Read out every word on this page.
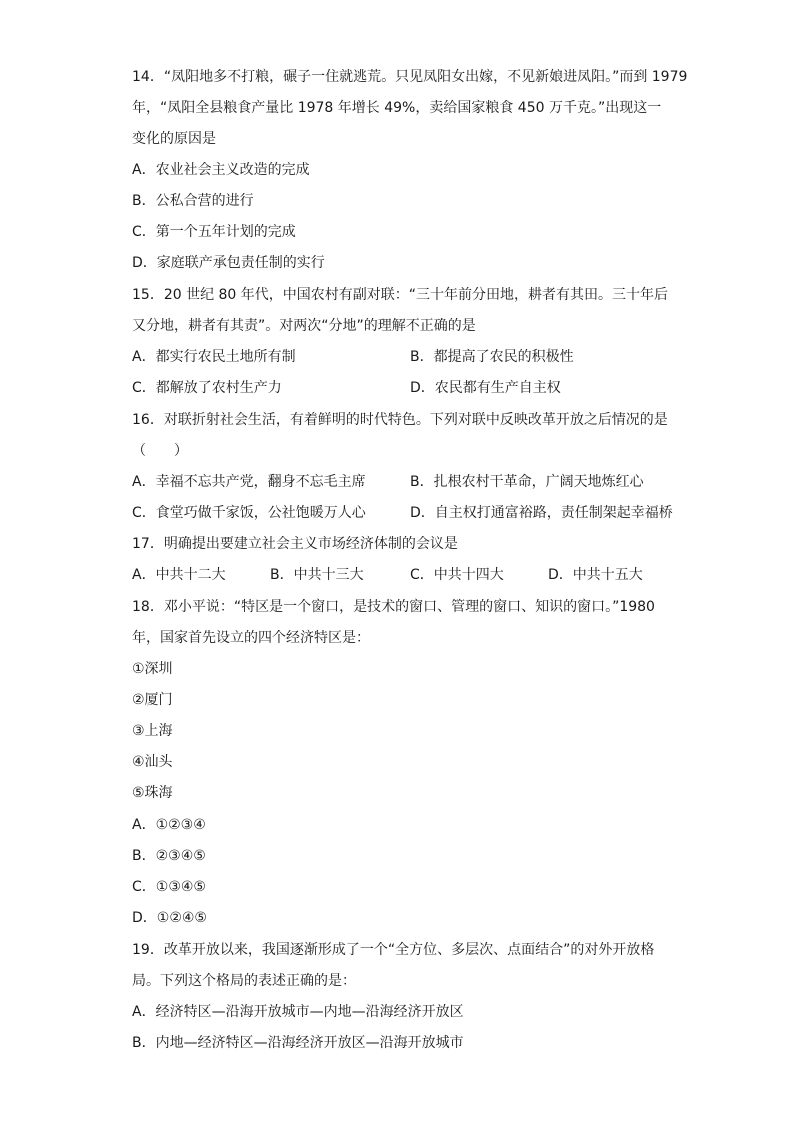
14．“凤阳地多不打粮，碾子一住就逃荒。只见凤阳女出嫁，不见新娘进凤阳。”而到 1979
年，“凤阳全县粮食产量比 1978 年增长 49%，卖给国家粮食 450 万千克。”出现这一
变化的原因是
A．农业社会主义改造的完成
B．公私合营的进行
C．第一个五年计划的完成
D．家庭联产承包责任制的实行
15．20 世纪 80 年代，中国农村有副对联：“三十年前分田地，耕者有其田。三十年后
又分地，耕者有其责”。对两次“分地”的理解不正确的是
A．都实行农民土地所有制	B．都提高了农民的积极性
C．都解放了农村生产力	D．农民都有生产自主权
16．对联折射社会生活，有着鲜明的时代特色。下列对联中反映改革开放之后情况的是
（　　）
A．幸福不忘共产党，翻身不忘毛主席	B．扎根农村干革命，广阔天地炼红心
C．食堂巧做千家饭，公社饱暖万人心	D．自主权打通富裕路，责任制架起幸福桥
17．明确提出要建立社会主义市场经济体制的会议是
A．中共十二大	B．中共十三大	C．中共十四大	D．中共十五大
18．邓小平说：“特区是一个窗口，是技术的窗口、管理的窗口、知识的窗口。”1980
年，国家首先设立的四个经济特区是：
①深圳
②厦门
③上海
④汕头
⑤珠海
A．①②③④
B．②③④⑤
C．①③④⑤
D．①②④⑤
19．改革开放以来，我国逐渐形成了一个“全方位、多层次、点面结合”的对外开放格
局。下列这个格局的表述正确的是：
A．经济特区—沿海开放城市—内地—沿海经济开放区
B．内地—经济特区—沿海经济开放区—沿海开放城市
